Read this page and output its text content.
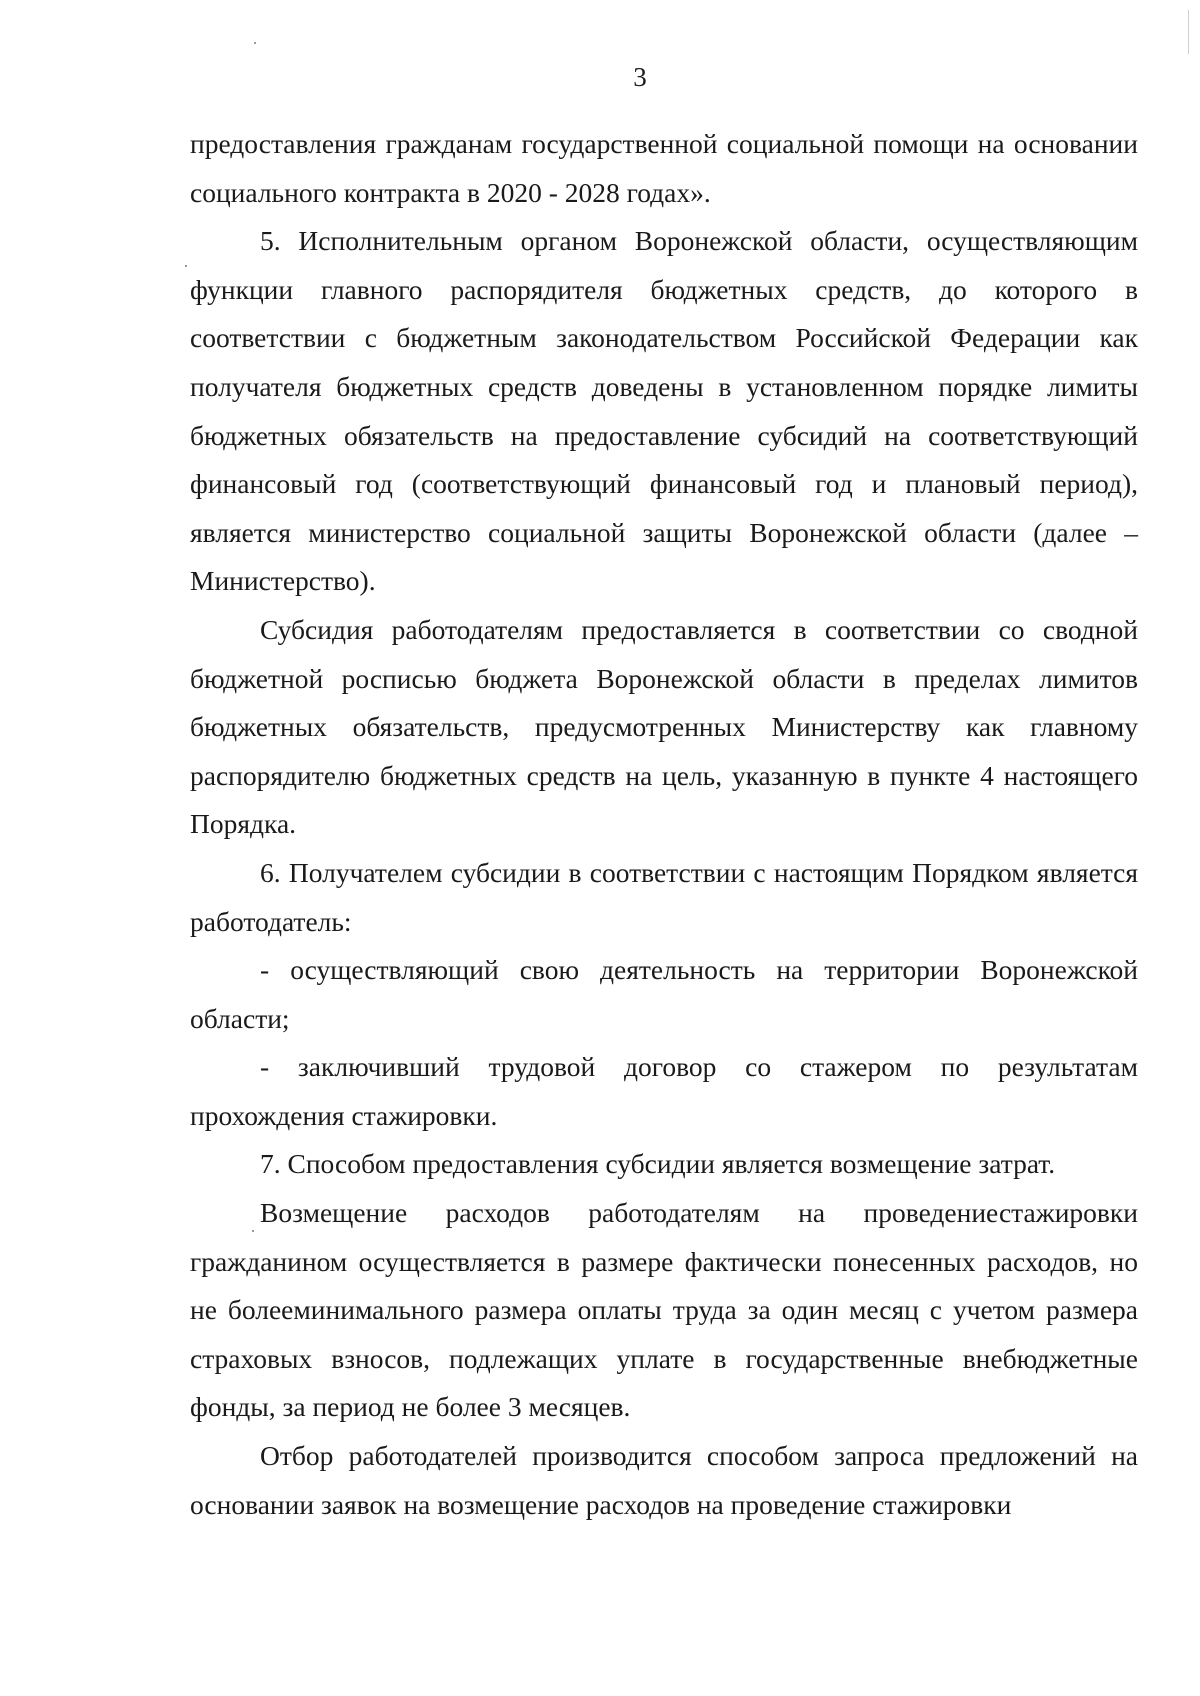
3

предоставления гражданам государственной социальной помощи на основании социального контракта в 2020 - 2028 годах».

5. Исполнительным органом Воронежской области, осуществляющим функции главного распорядителя бюджетных средств, до которого в соответствии с бюджетным законодательством Российской Федерации как получателя бюджетных средств доведены в установленном порядке лимиты бюджетных обязательств на предоставление субсидий на соответствующий финансовый год (соответствующий финансовый год и плановый период), является министерство социальной защиты Воронежской области (далее – Министерство).

Субсидия работодателям предоставляется в соответствии со сводной бюджетной росписью бюджета Воронежской области в пределах лимитов бюджетных обязательств, предусмотренных Министерству как главному распорядителю бюджетных средств на цель, указанную в пункте 4 настоящего Порядка.

6. Получателем субсидии в соответствии с настоящим Порядком является работодатель:

- осуществляющий свою деятельность на территории Воронежской области;

- заключивший трудовой договор со стажером по результатам прохождения стажировки.

7. Способом предоставления субсидии является возмещение затрат.

Возмещение расходов работодателям на проведениестажировки гражданином осуществляется в размере фактически понесенных расходов, но не болееминимального размера оплаты труда за один месяц с учетом размера страховых взносов, подлежащих уплате в государственные внебюджетные фонды, за период не более 3 месяцев.

Отбор работодателей производится способом запроса предложений на основании заявок на возмещение расходов на проведение стажировки
